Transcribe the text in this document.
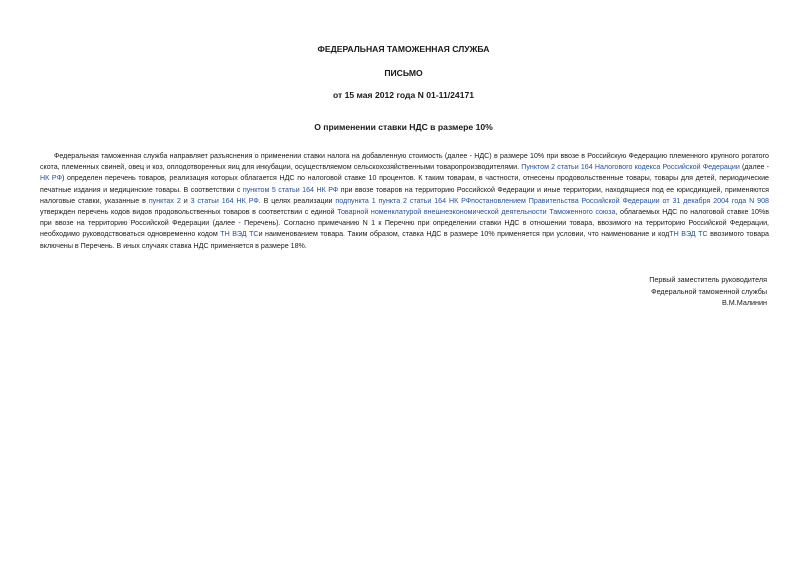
ФЕДЕРАЛЬНАЯ ТАМОЖЕННАЯ СЛУЖБА
ПИСЬМО
от 15 мая 2012 года N 01-11/24171
О применении ставки НДС в размере 10%
Федеральная таможенная служба направляет разъяснения о применении ставки налога на добавленную стоимость (далее - НДС) в размере 10% при ввозе в Российскую Федерацию племенного крупного рогатого скота, племенных свиней, овец и коз, оплодотворенных яиц для инкубации, осуществляемом сельскохозяйственными товаропроизводителями. Пунктом 2 статьи 164 Налогового кодекса Российской Федерации (далее - НК РФ) определен перечень товаров, реализация которых облагается НДС по налоговой ставке 10 процентов. К таким товарам, в частности, отнесены продовольственные товары, товары для детей, периодические печатные издания и медицинские товары. В соответствии с пунктом 5 статьи 164 НК РФ при ввозе товаров на территорию Российской Федерации и иные территории, находящиеся под ее юрисдикцией, применяются налоговые ставки, указанные в пунктах 2 и 3 статьи 164 НК РФ. В целях реализации подпункта 1 пункта 2 статьи 164 НК РФпостановлением Правительства Российской Федерации от 31 декабря 2004 года N 908 утвержден перечень кодов видов продовольственных товаров в соответствии с единой Товарной номенклатурой внешнеэкономической деятельности Таможенного союза, облагаемых НДС по налоговой ставке 10%в при ввозе на территорию Российской Федерации (далее - Перечень). Согласно примечанию N 1 к Перечню при определении ставки НДС в отношении товара, ввозимого на территорию Российской Федерации, необходимо руководствоваться одновременно кодом ТН ВЭД ТСи наименованием товара. Таким образом, ставка НДС в размере 10% применяется при условии, что наименование и кодТН ВЭД ТС ввозимого товара включены в Перечень. В иных случаях ставка НДС применяется в размере 18%.
Первый заместитель руководителя
Федеральной таможенной службы
В.М.Малинин
